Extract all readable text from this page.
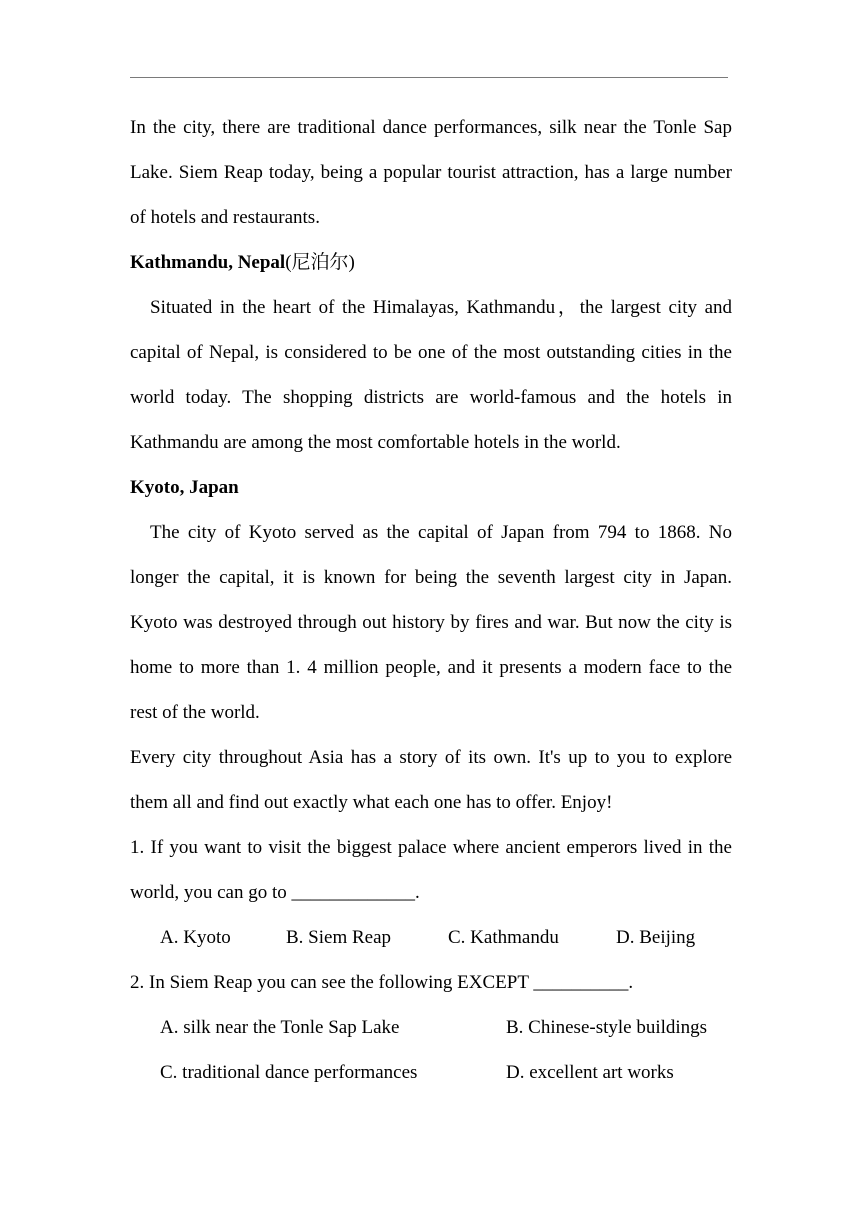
In the city, there are traditional dance performances, silk near the Tonle Sap Lake. Siem Reap today, being a popular tourist attraction, has a large number of hotels and restaurants.

Kathmandu, Nepal(尼泊尔)

Situated in the heart of the Himalayas, Kathmandu，the largest city and capital of Nepal, is considered to be one of the most outstanding cities in the world today. The shopping districts are world-famous and the hotels in Kathmandu are among the most comfortable hotels in the world.

Kyoto, Japan

The city of Kyoto served as the capital of Japan from 794 to 1868. No longer the capital, it is known for being the seventh largest city in Japan. Kyoto was destroyed through out history by fires and war. But now the city is home to more than 1. 4 million people, and it presents a modern face to the rest of the world.

Every city throughout Asia has a story of its own. It's up to you to explore them all and find out exactly what each one has to offer. Enjoy!

1. If you want to visit the biggest palace where ancient emperors lived in the world, you can go to _____________.

A. Kyoto	B. Siem Reap	C. Kathmandu	D. Beijing

2. In Siem Reap you can see the following EXCEPT __________.

A. silk near the Tonle Sap Lake	B. Chinese-style buildings
C. traditional dance performances	D. excellent art works
